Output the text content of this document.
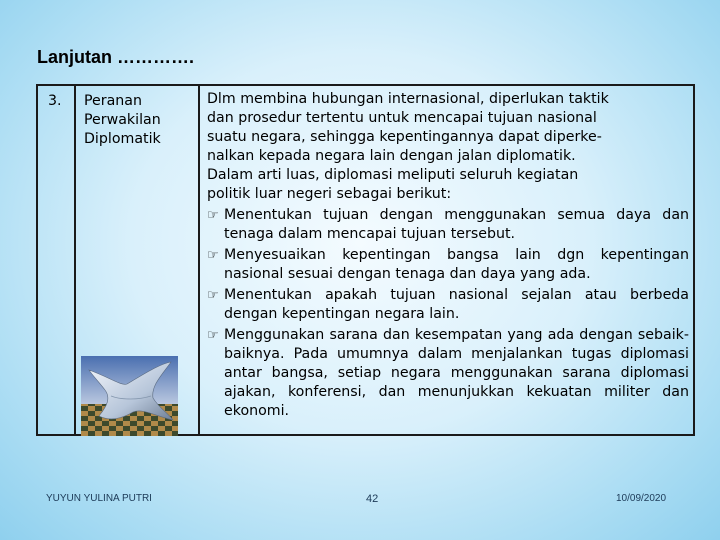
Lanjutan ………….
3. Peranan
Perwakilan
Diplomatik
Dlm membina hubungan internasional, diperlukan taktik
dan prosedur tertentu untuk mencapai tujuan nasional
suatu negara, sehingga kepentingannya dapat diperke-
nalkan kepada negara lain dengan jalan diplomatik.
Dalam arti luas, diplomasi meliputi seluruh kegiatan
politik luar negeri sebagai berikut:
☞ Menentukan tujuan dengan menggunakan semua daya dan tenaga dalam mencapai tujuan tersebut.
☞ Menyesuaikan kepentingan bangsa lain dgn kepentingan nasional sesuai dengan tenaga dan daya yang ada.
☞ Menentukan apakah tujuan nasional sejalan atau berbeda dengan kepentingan negara lain.
☞ Menggunakan sarana dan kesempatan yang ada dengan sebaik-baiknya. Pada umumnya dalam menjalankan tugas diplomasi antar bangsa, setiap negara menggunakan sarana diplomasi ajakan, konferensi, dan menunjukkan kekuatan militer dan ekonomi.
YUYUN YULINA PUTRI	42	10/09/2020
